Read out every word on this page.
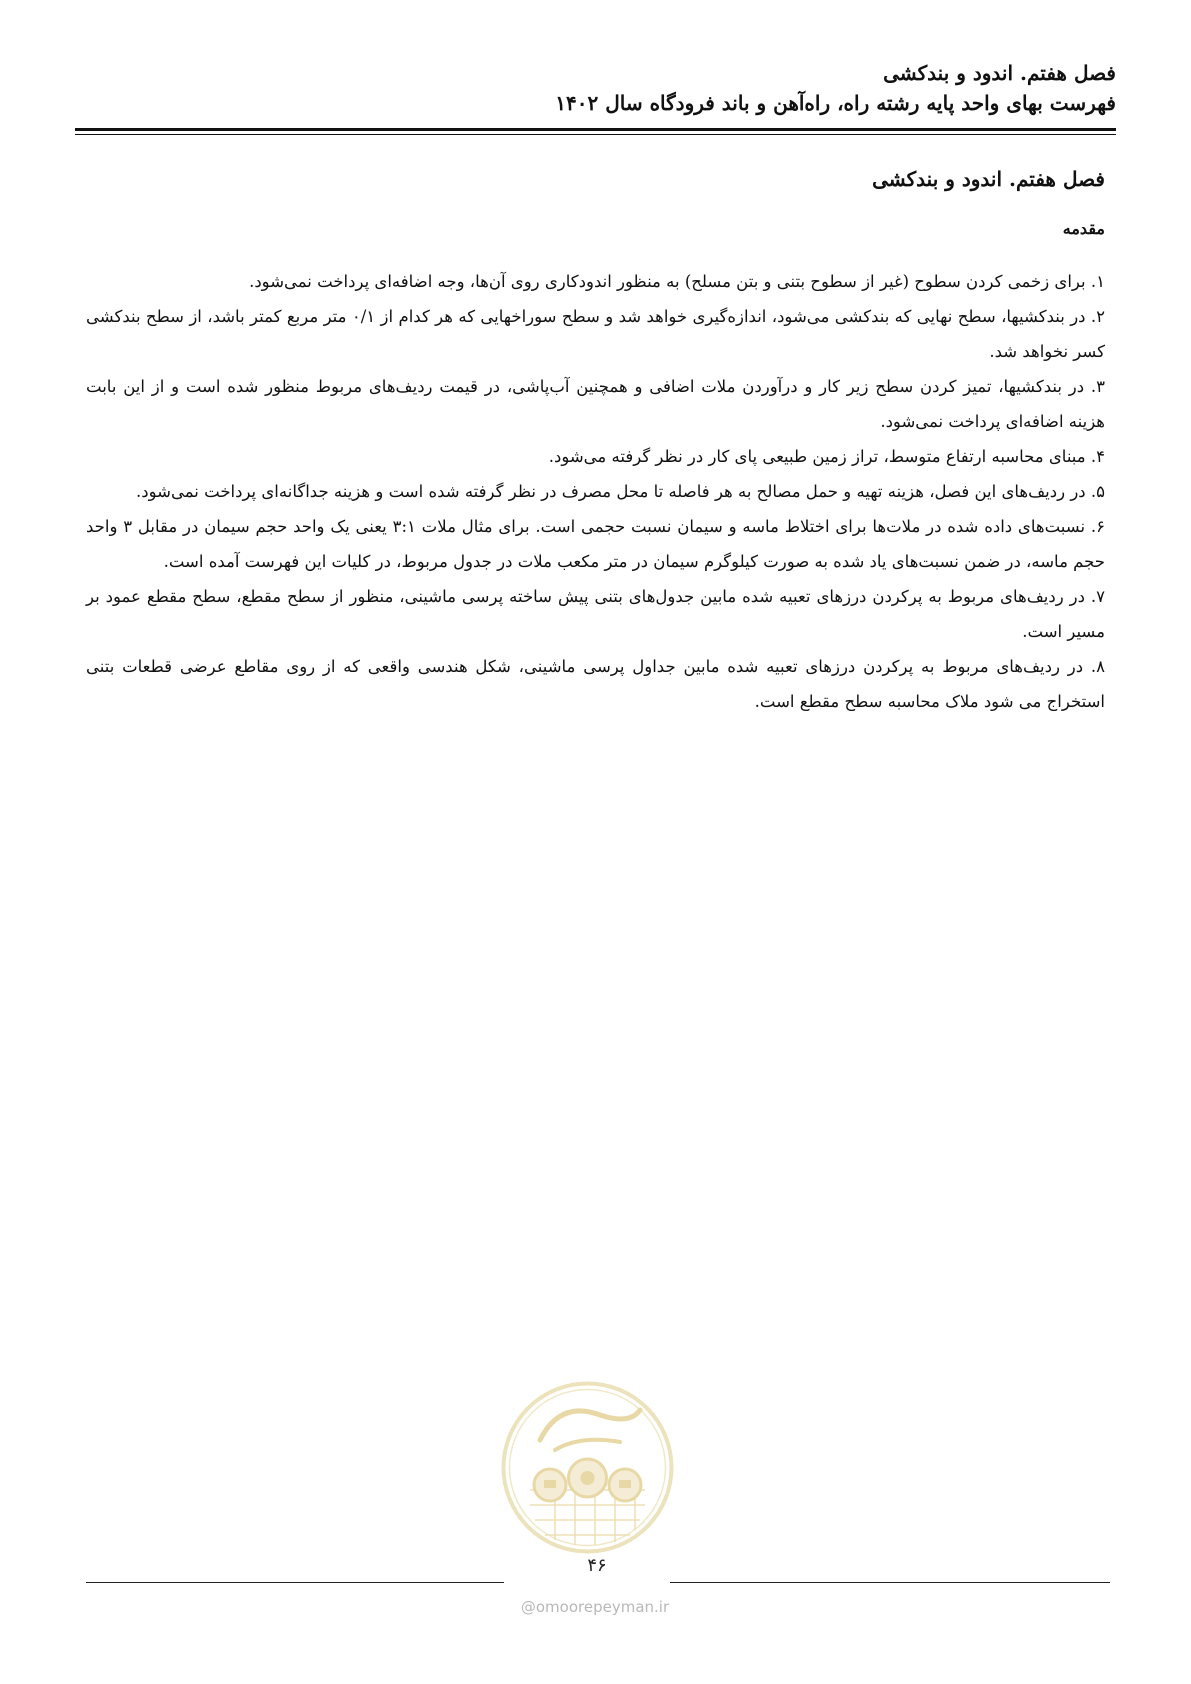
فصل هفتم. اندود و بندکشی
فهرست بهای واحد پایه رشته راه، راه‌آهن و باند فرودگاه سال ۱۴۰۲
فصل هفتم. اندود و بندکشی
مقدمه

۱. برای زخمی کردن سطوح (غیر از سطوح بتنی و بتن مسلح) به منظور اندودکاری روی آن‌ها، وجه اضافه‌ای پرداخت نمی‌شود.

۲. در بندکشیها، سطح نهایی که بندکشی می‌شود، اندازه‌گیری خواهد شد و سطح سوراخهایی که هر کدام از ۰/۱ متر مربع کمتر باشد، از سطح بندکشی کسر نخواهد شد.

۳. در بندکشیها، تمیز کردن سطح زیر کار و درآوردن ملات اضافی و همچنین آب‌پاشی، در قیمت ردیف‌های مربوط منظور شده است و از این بابت هزینه اضافه‌ای پرداخت نمی‌شود.

۴. مبنای محاسبه ارتفاع متوسط، تراز زمین طبیعی پای کار در نظر گرفته می‌شود.

۵. در ردیف‌های این فصل، هزینه تهیه و حمل مصالح به هر فاصله تا محل مصرف در نظر گرفته شده است و هزینه جداگانه‌ای پرداخت نمی‌شود.

۶. نسبت‌های داده شده در ملات‌ها برای اختلاط ماسه و سیمان نسبت حجمی است. برای مثال ملات ۳:۱ یعنی یک واحد حجم سیمان در مقابل ۳ واحد حجم ماسه، در ضمن نسبت‌های یاد شده به صورت کیلوگرم سیمان در متر مکعب ملات در جدول مربوط، در کلیات این فهرست آمده است.

۷. در ردیف‌های مربوط به پرکردن درزهای تعبیه شده مابین جدول‌های بتنی پیش ساخته پرسی ماشینی، منظور از سطح مقطع، سطح مقطع عمود بر مسیر است.

۸. در ردیف‌های مربوط به پرکردن درزهای تعبیه شده مابین جداول پرسی ماشینی، شکل هندسی واقعی که از روی مقاطع عرضی قطعات بتنی استخراج می شود ملاک محاسبه سطح مقطع است.

۴۶
@omoorepeyman.ir
